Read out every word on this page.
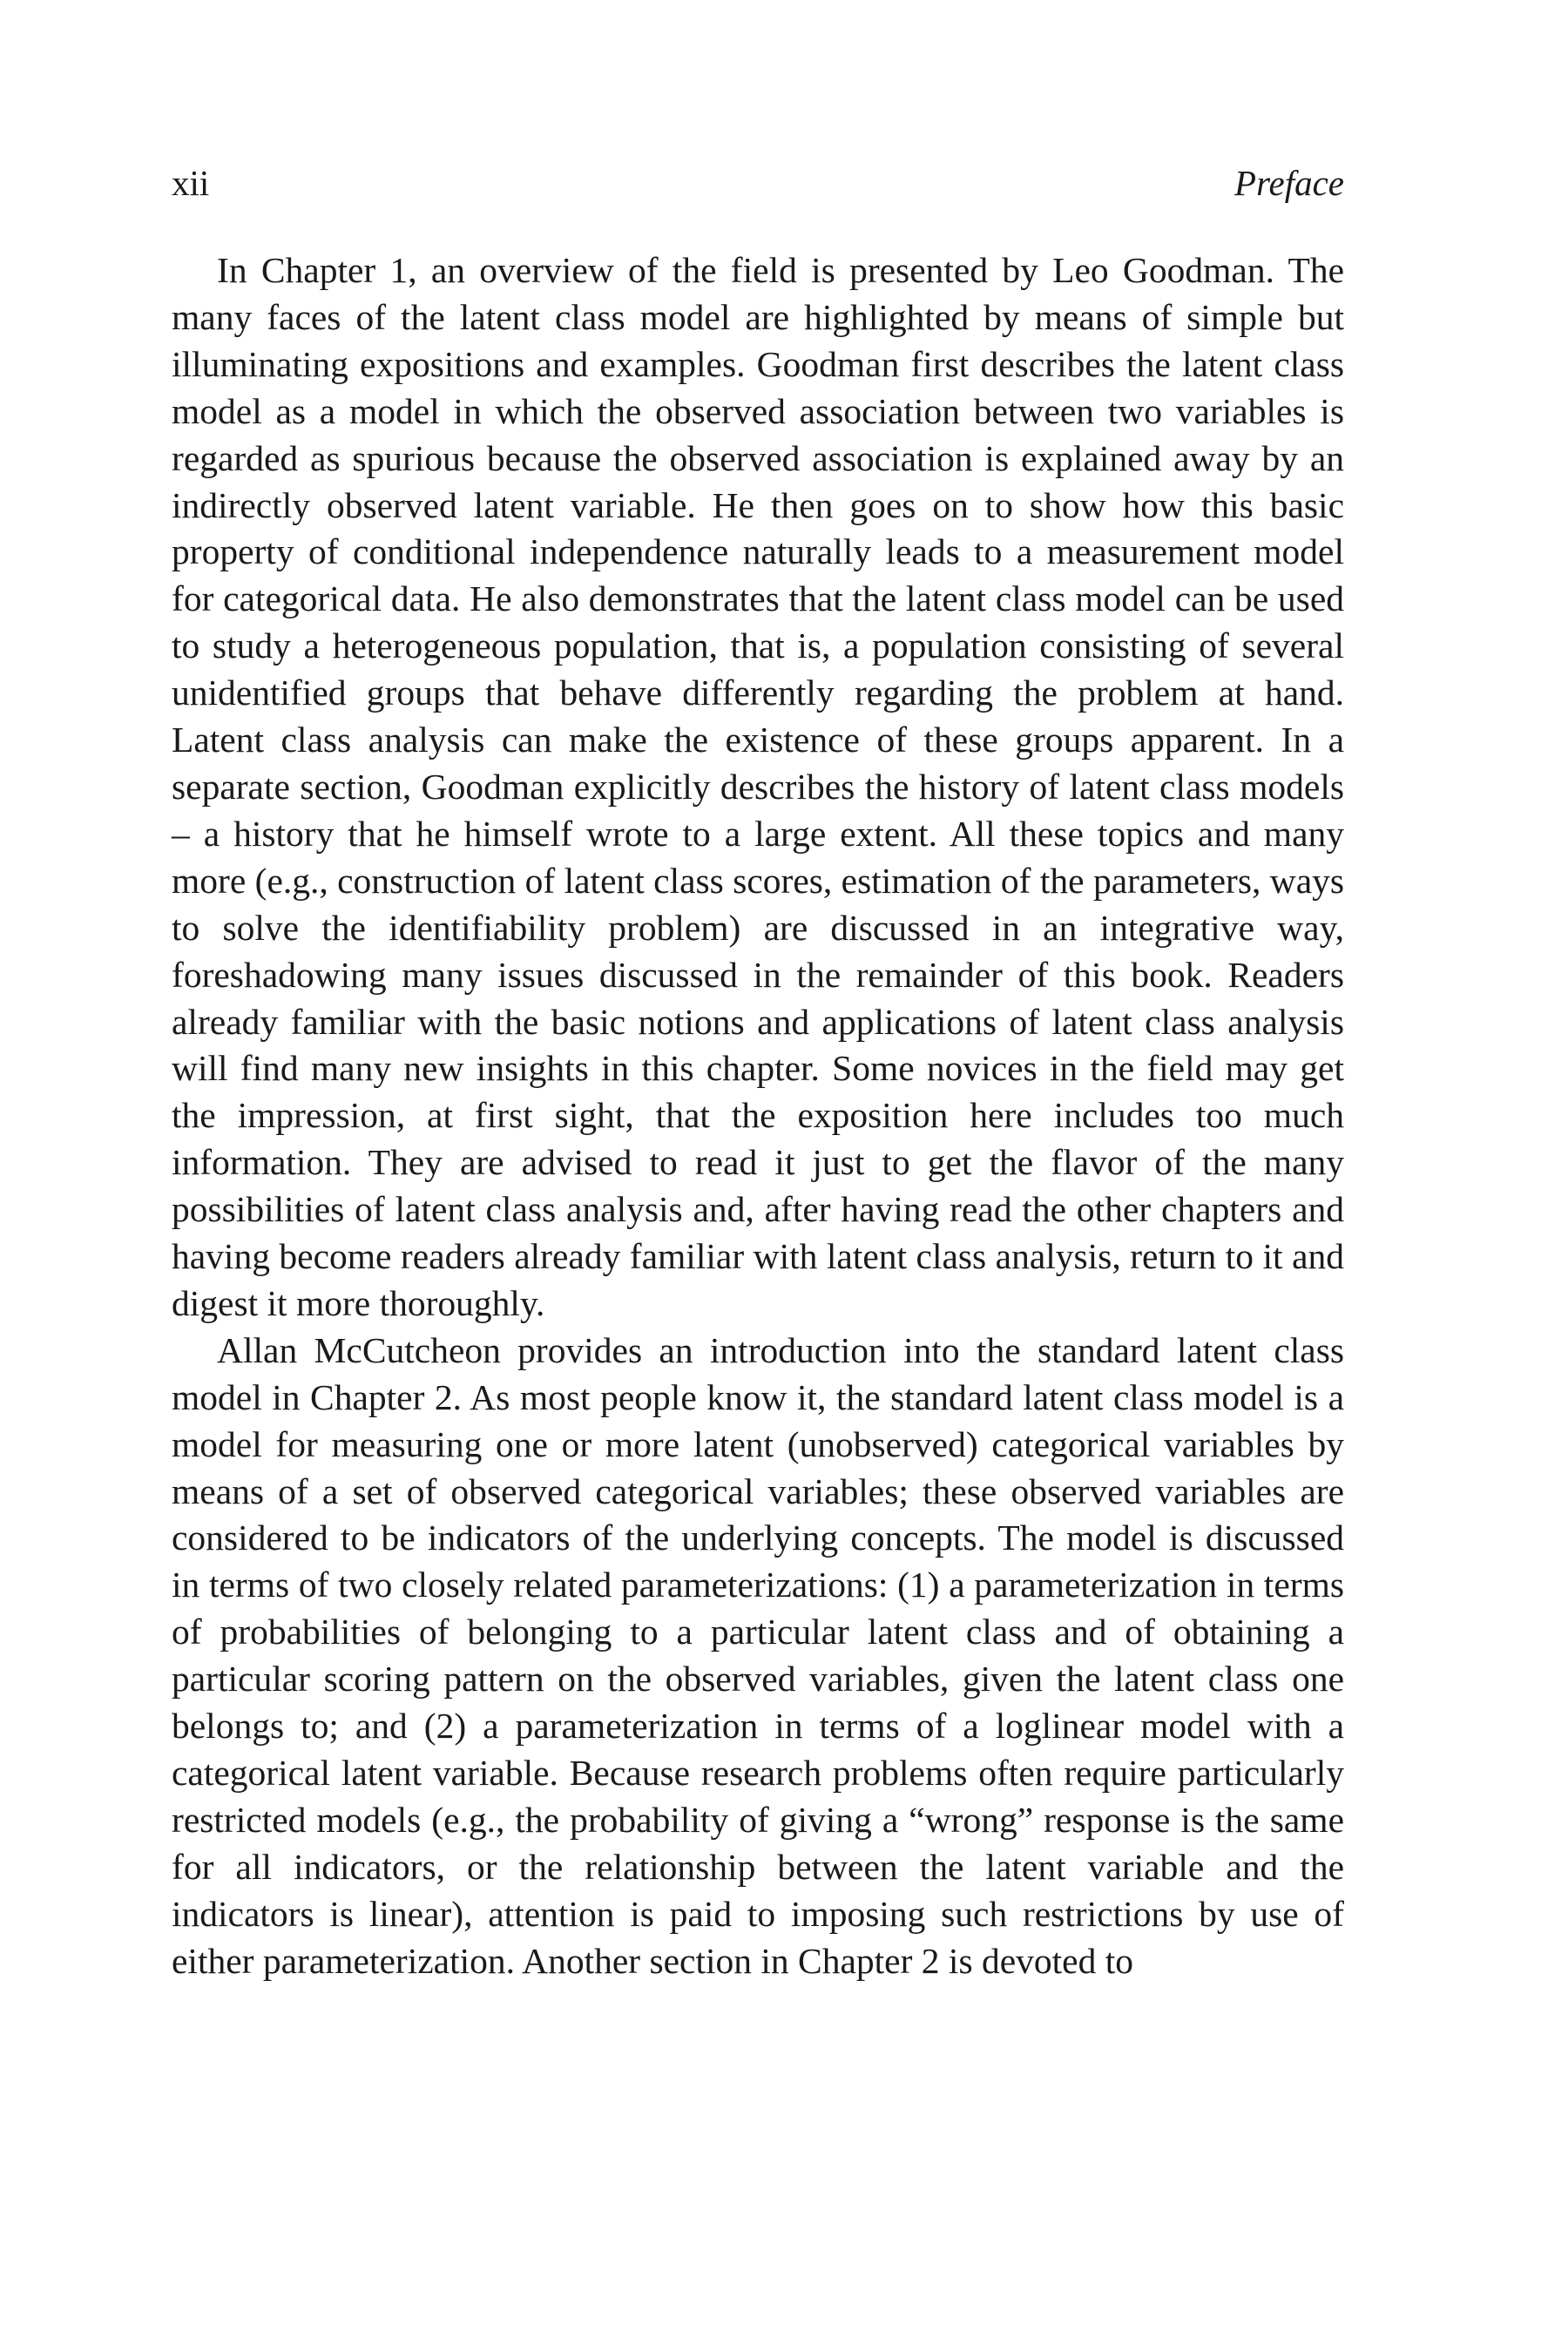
xii	Preface

In Chapter 1, an overview of the field is presented by Leo Goodman. The many faces of the latent class model are highlighted by means of simple but illuminating expositions and examples. Goodman first describes the latent class model as a model in which the observed association between two variables is regarded as spurious because the observed association is explained away by an indirectly observed latent variable. He then goes on to show how this basic property of conditional independence naturally leads to a measurement model for categorical data. He also demonstrates that the latent class model can be used to study a heterogeneous population, that is, a population consisting of several unidentified groups that behave differently regarding the problem at hand. Latent class analysis can make the existence of these groups apparent. In a separate section, Goodman explicitly describes the history of latent class models – a history that he himself wrote to a large extent. All these topics and many more (e.g., construction of latent class scores, estimation of the parameters, ways to solve the identifiability problem) are discussed in an integrative way, foreshadowing many issues discussed in the remainder of this book. Readers already familiar with the basic notions and applications of latent class analysis will find many new insights in this chapter. Some novices in the field may get the impression, at first sight, that the exposition here includes too much information. They are advised to read it just to get the flavor of the many possibilities of latent class analysis and, after having read the other chapters and having become readers already familiar with latent class analysis, return to it and digest it more thoroughly.

Allan McCutcheon provides an introduction into the standard latent class model in Chapter 2. As most people know it, the standard latent class model is a model for measuring one or more latent (unobserved) categorical variables by means of a set of observed categorical variables; these observed variables are considered to be indicators of the underlying concepts. The model is discussed in terms of two closely related parameterizations: (1) a parameterization in terms of probabilities of belonging to a particular latent class and of obtaining a particular scoring pattern on the observed variables, given the latent class one belongs to; and (2) a parameterization in terms of a loglinear model with a categorical latent variable. Because research problems often require particularly restricted models (e.g., the probability of giving a “wrong” response is the same for all indicators, or the relationship between the latent variable and the indicators is linear), attention is paid to imposing such restrictions by use of either parameterization. Another section in Chapter 2 is devoted to
